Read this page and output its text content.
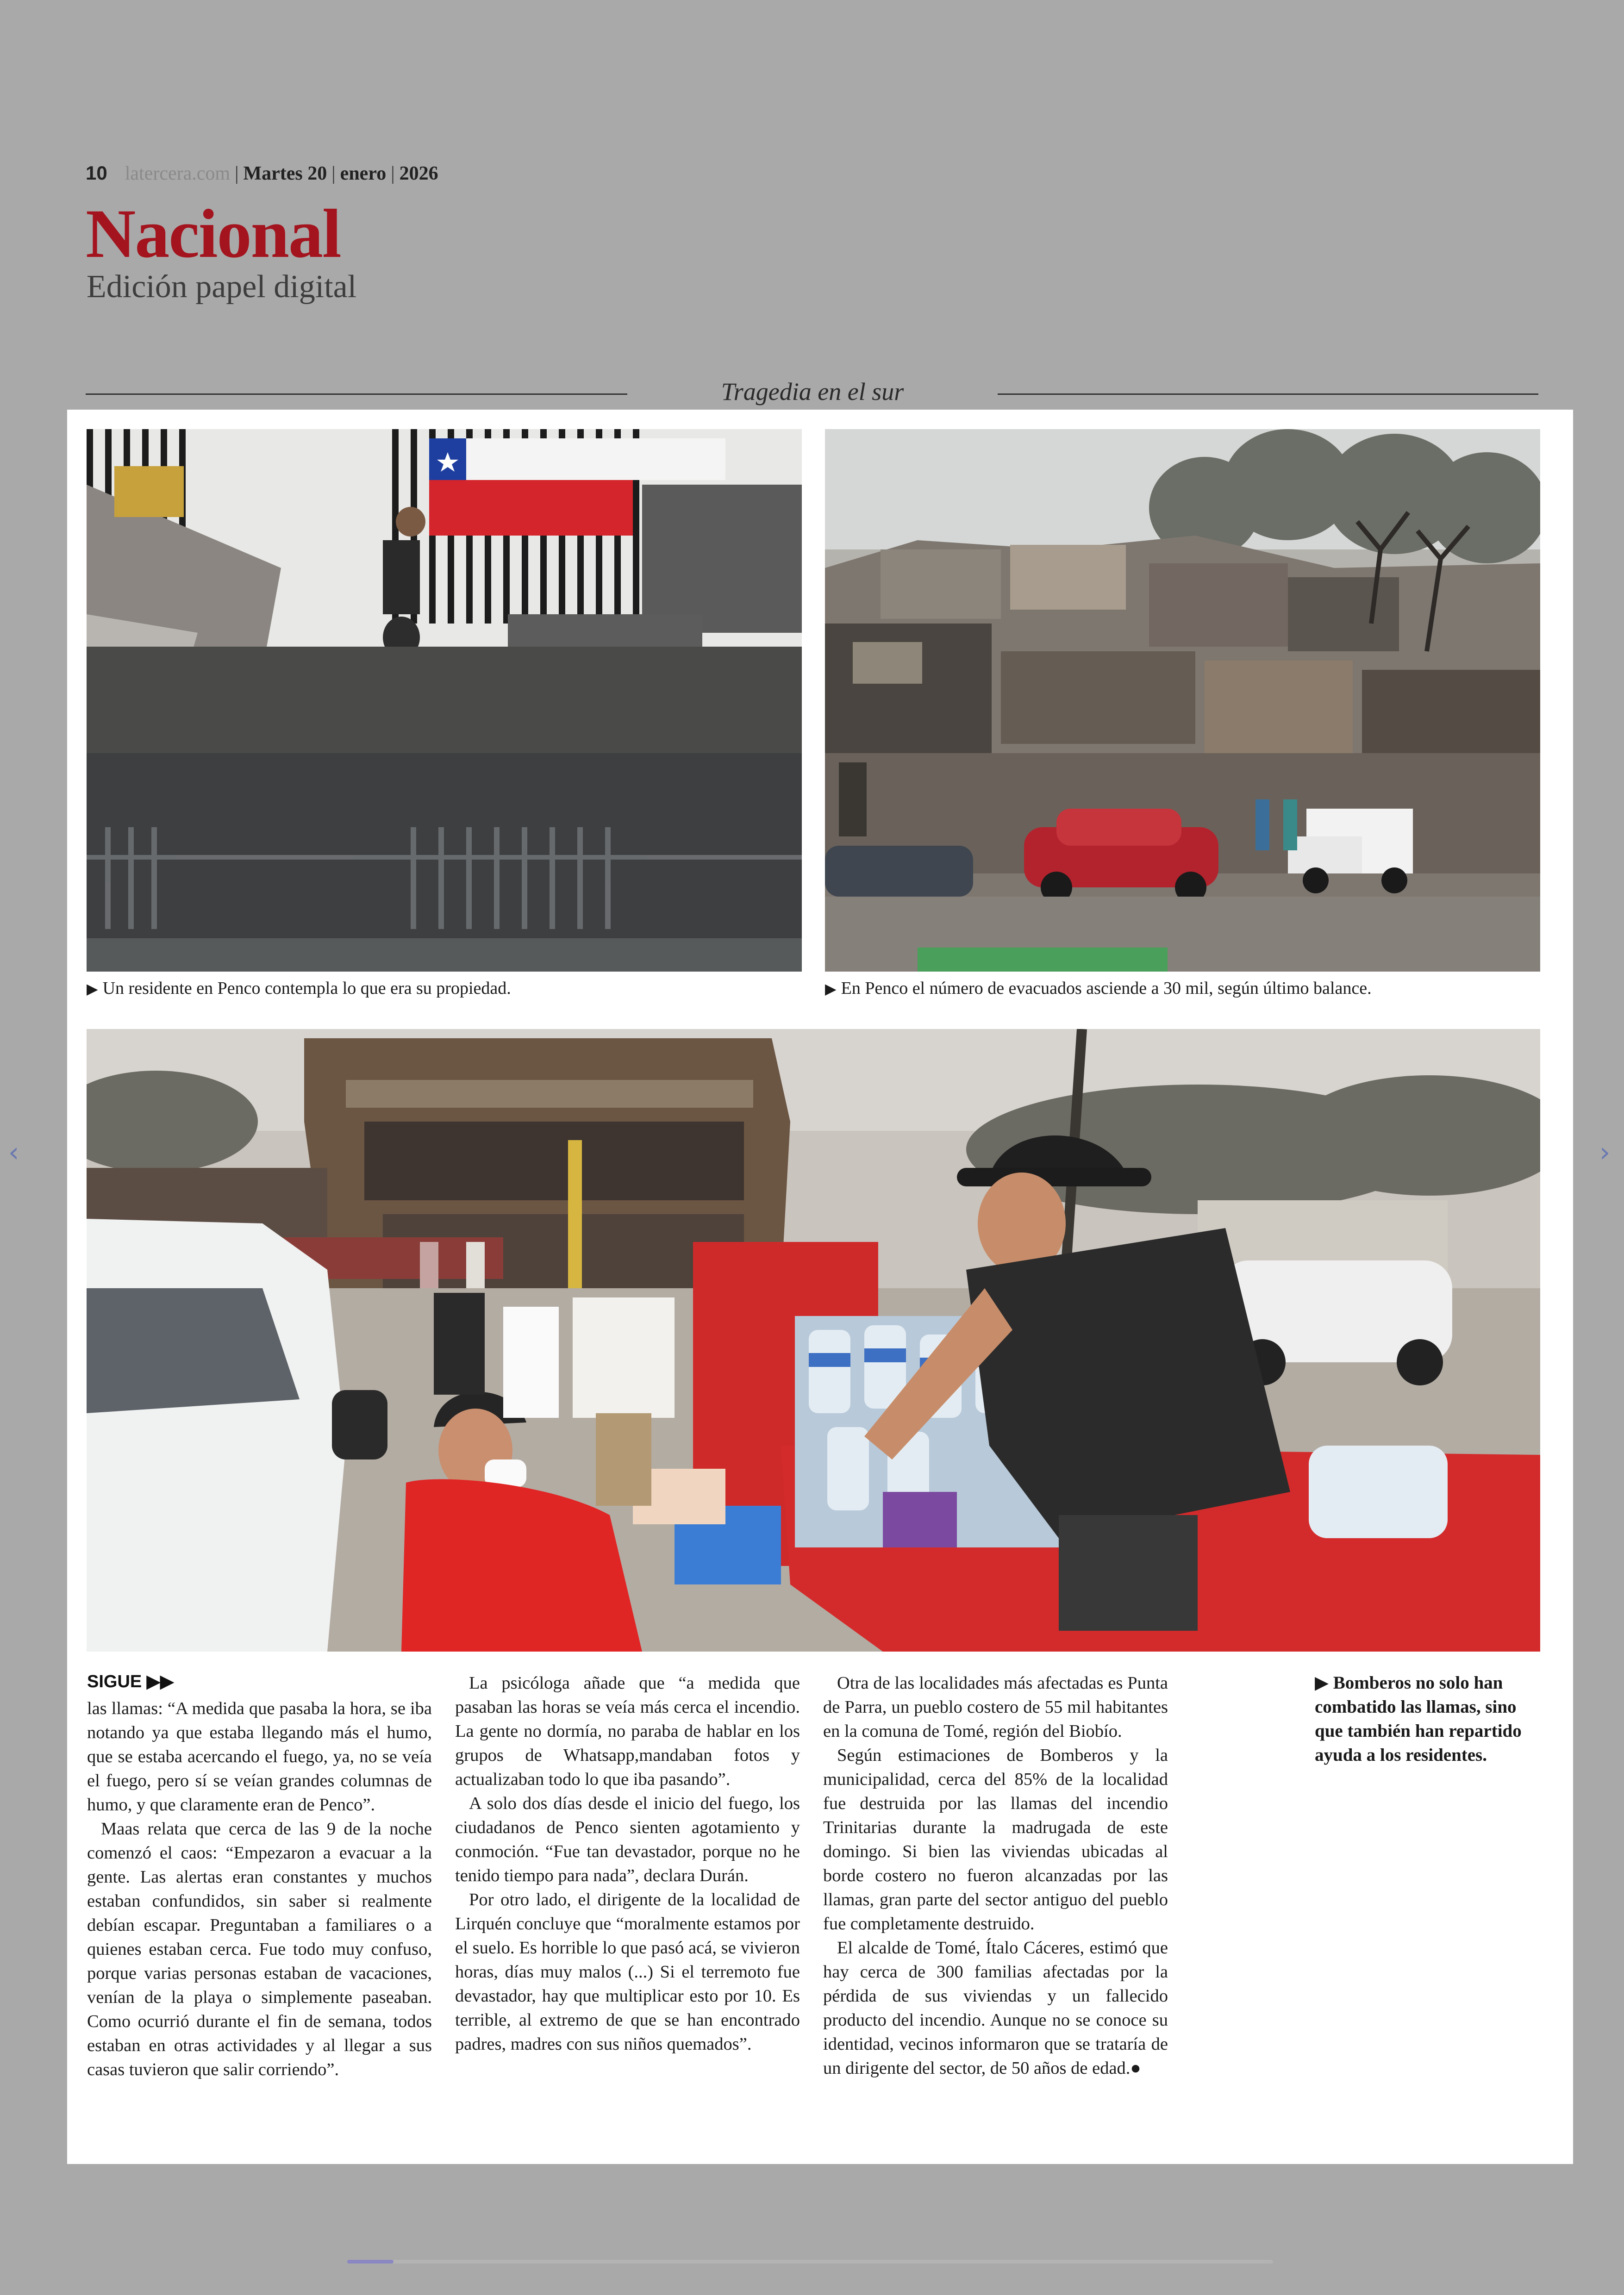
10 latercera.com | Martes 20 | enero | 2026
Nacional
Edición papel digital
Tragedia en el sur
‹	›
▶ Un residente en Penco contempla lo que era su propiedad.	▶ En Penco el número de evacuados asciende a 30 mil, según último balance.
SIGUE ▶▶

las llamas: “A medida que pasaba la hora, se iba notando ya que estaba llegando más el humo, que se estaba acercando el fuego, ya, no se veía el fuego, pero sí se veían grandes columnas de humo, y que claramente eran de Penco”.

Maas relata que cerca de las 9 de la noche comenzó el caos: “Empezaron a evacuar a la gente. Las alertas eran constantes y muchos estaban confundidos, sin saber si realmente debían escapar. Preguntaban a familiares o a quienes estaban cerca. Fue todo muy confuso, porque varias personas estaban de vacaciones, venían de la playa o simplemente paseaban. Como ocurrió durante el fin de semana, todos estaban en otras actividades y al llegar a sus casas tuvieron que salir corriendo”.

La psicóloga añade que “a medida que pasaban las horas se veía más cerca el incendio. La gente no dormía, no paraba de hablar en los grupos de Whatsapp,mandaban fotos y actualizaban todo lo que iba pasando”.

A solo dos días desde el inicio del fuego, los ciudadanos de Penco sienten agotamiento y conmoción. “Fue tan devastador, porque no he tenido tiempo para nada”, declara Durán.

Por otro lado, el dirigente de la localidad de Lirquén concluye que “moralmente estamos por el suelo. Es horrible lo que pasó acá, se vivieron horas, días muy malos (...) Si el terremoto fue devastador, hay que multiplicar esto por 10. Es terrible, al extremo de que se han encontrado padres, madres con sus niños quemados”.

Otra de las localidades más afectadas es Punta de Parra, un pueblo costero de 55 mil habitantes en la comuna de Tomé, región del Biobío.

Según estimaciones de Bomberos y la municipalidad, cerca del 85% de la localidad fue destruida por las llamas del incendio Trinitarias durante la madrugada de este domingo. Si bien las viviendas ubicadas al borde costero no fueron alcanzadas por las llamas, gran parte del sector antiguo del pueblo fue completamente destruido.

El alcalde de Tomé, Ítalo Cáceres, estimó que hay cerca de 300 familias afectadas por la pérdida de sus viviendas y un fallecido producto del incendio. Aunque no se conoce su identidad, vecinos informaron que se trataría de un dirigente del sector, de 50 años de edad.●

▶ Bomberos no solo han combatido las llamas, sino que también han repartido ayuda a los residentes.
